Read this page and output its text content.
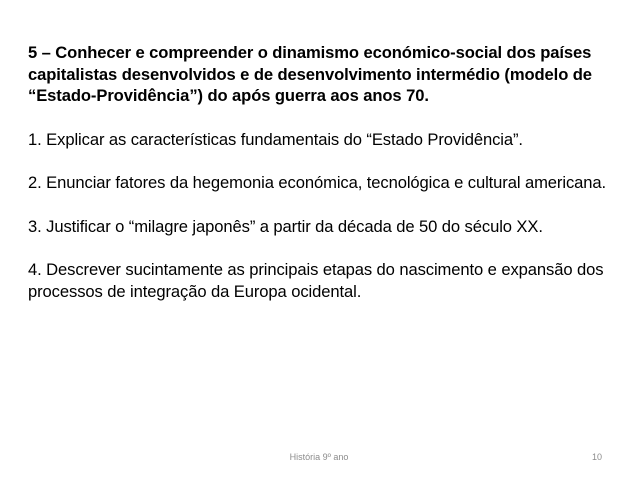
5 – Conhecer e compreender o dinamismo económico-social dos países capitalistas desenvolvidos e de desenvolvimento intermédio (modelo de “Estado-Providência”) do após guerra aos anos 70.

1. Explicar as características fundamentais do “Estado Providência”.

2. Enunciar fatores da hegemonia económica, tecnológica e cultural americana.

3. Justificar o “milagre japonês” a partir da década de 50 do século XX.

4. Descrever sucintamente as principais etapas do nascimento e expansão dos processos de integração da Europa ocidental.

História 9º ano	10
